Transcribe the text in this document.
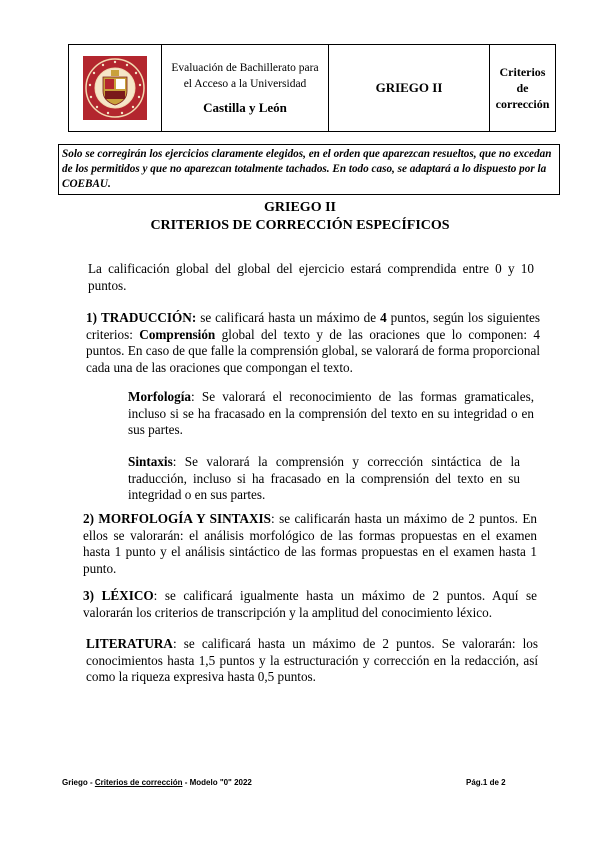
Evaluación de Bachillerato para
el Acceso a la Universidad
Castilla y León
	GRIEGO II	
Criterios
de
corrección
Solo se corregirán los ejercicios claramente elegidos, en el orden que aparezcan resueltos, que no excedan de los permitidos y que no aparezcan totalmente tachados. En todo caso, se adaptará a lo dispuesto por la COEBAU.
GRIEGO II
CRITERIOS DE CORRECCIÓN ESPECÍFICOS

La calificación global del global del ejercicio estará comprendida entre 0 y 10 puntos.

1) TRADUCCIÓN: se calificará hasta un máximo de 4 puntos, según los siguientes criterios: Comprensión global del texto y de las oraciones que lo componen: 4 puntos. En caso de que falle la comprensión global, se valorará de forma proporcional cada una de las oraciones que compongan el texto.

Morfología: Se valorará el reconocimiento de las formas gramaticales, incluso si se ha fracasado en la comprensión del texto en su integridad o en sus partes.

Sintaxis: Se valorará la comprensión y corrección sintáctica de la traducción, incluso si ha fracasado en la comprensión del texto en su integridad o en sus partes.

2) MORFOLOGÍA Y SINTAXIS: se calificarán hasta un máximo de 2 puntos. En ellos se valorarán: el análisis morfológico de las formas propuestas en el examen hasta 1 punto y el análisis sintáctico de las formas propuestas en el examen hasta 1 punto.

3) LÉXICO: se calificará igualmente hasta un máximo de 2 puntos. Aquí se valorarán los criterios de transcripción y la amplitud del conocimiento léxico.

LITERATURA: se calificará hasta un máximo de 2 puntos. Se valorarán: los conocimientos hasta 1,5 puntos y la estructuración y corrección en la redacción, así como la riqueza expresiva hasta 0,5 puntos.

Griego - Criterios de corrección - Modelo "0" 2022	Pág.1 de 2
